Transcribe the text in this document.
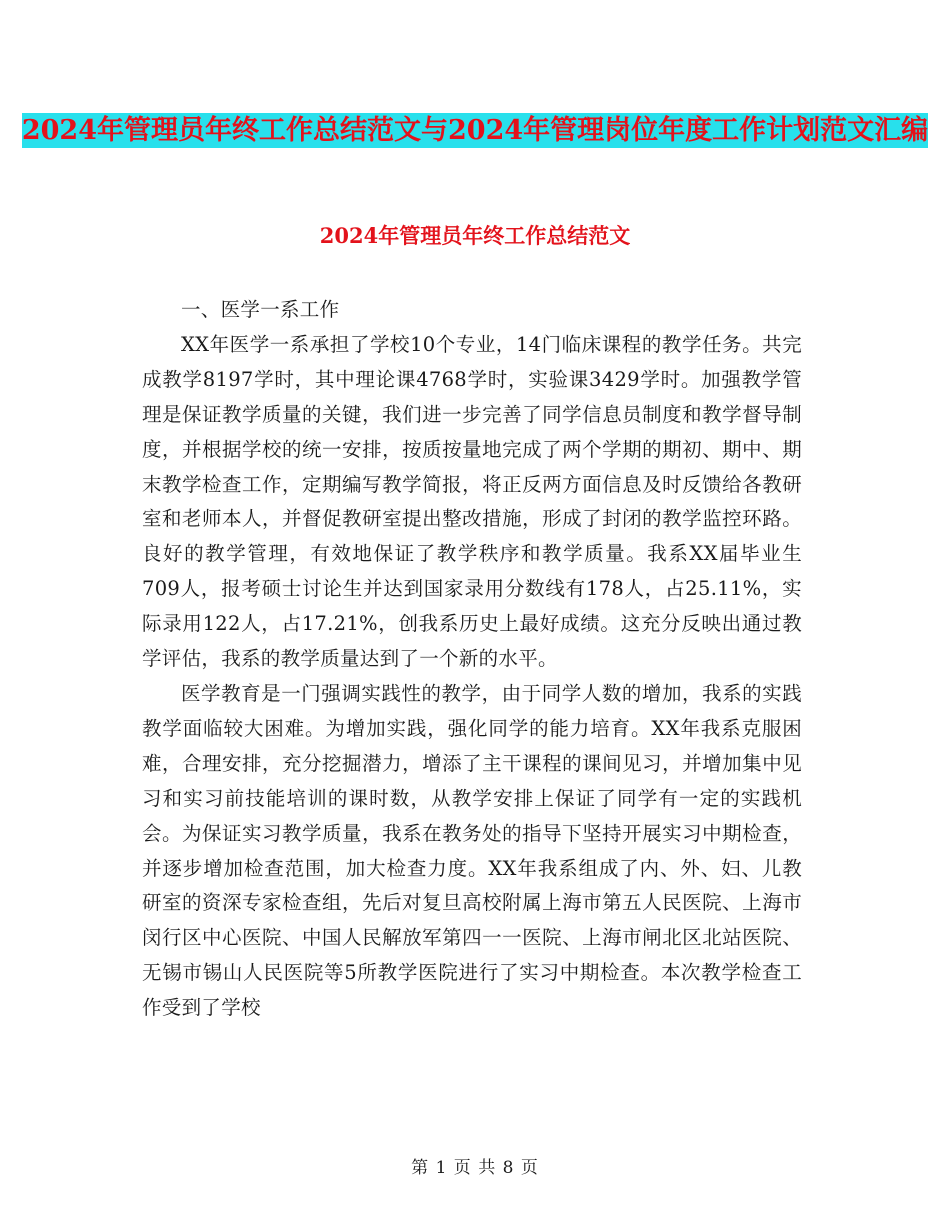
2024年管理员年终工作总结范文与2024年管理岗位年度工作计划范文汇编
2024年管理员年终工作总结范文

一、医学一系工作

XX年医学一系承担了学校10个专业，14门临床课程的教学任务。共完成教学8197学时，其中理论课4768学时，实验课3429学时。加强教学管理是保证教学质量的关键，我们进一步完善了同学信息员制度和教学督导制度，并根据学校的统一安排，按质按量地完成了两个学期的期初、期中、期末教学检查工作，定期编写教学简报，将正反两方面信息及时反馈给各教研室和老师本人，并督促教研室提出整改措施，形成了封闭的教学监控环路。良好的教学管理，有效地保证了教学秩序和教学质量。我系XX届毕业生709人，报考硕士讨论生并达到国家录用分数线有178人，占25.11%，实际录用122人，占17.21%，创我系历史上最好成绩。这充分反映出通过教学评估，我系的教学质量达到了一个新的水平。

医学教育是一门强调实践性的教学，由于同学人数的增加，我系的实践教学面临较大困难。为增加实践，强化同学的能力培育。XX年我系克服困难，合理安排，充分挖掘潜力，增添了主干课程的课间见习，并增加集中见习和实习前技能培训的课时数，从教学安排上保证了同学有一定的实践机会。为保证实习教学质量，我系在教务处的指导下坚持开展实习中期检查，并逐步增加检查范围，加大检查力度。XX年我系组成了内、外、妇、儿教研室的资深专家检查组，先后对复旦高校附属上海市第五人民医院、上海市闵行区中心医院、中国人民解放军第四一一医院、上海市闸北区北站医院、无锡市锡山人民医院等5所教学医院进行了实习中期检查。本次教学检查工作受到了学校

第 1 页 共 8 页
